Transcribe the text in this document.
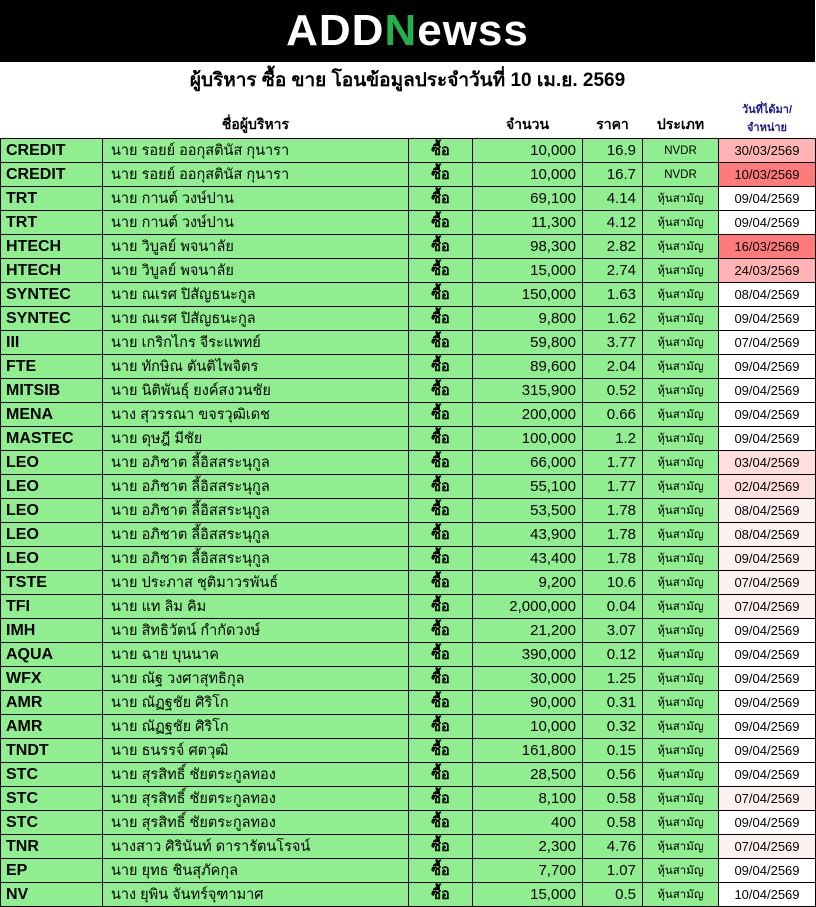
ADDNewss
ผู้บริหาร ซื้อ ขาย โอนข้อมูลประจำวันที่ 10 เม.ย. 2569
	ชื่อผู้บริหาร		จำนวน	ราคา	ประเภท	วันที่ได้มา/จำหน่าย
CREDIT	นาย รอยย์ ออกุสตินัส กุนารา	ซื้อ	10,000	16.9	NVDR	30/03/2569
CREDIT	นาย รอยย์ ออกุสตินัส กุนารา	ซื้อ	10,000	16.7	NVDR	10/03/2569
TRT	นาย กานต์ วงษ์ปาน	ซื้อ	69,100	4.14	หุ้นสามัญ	09/04/2569
TRT	นาย กานต์ วงษ์ปาน	ซื้อ	11,300	4.12	หุ้นสามัญ	09/04/2569
HTECH	นาย วิบูลย์ พจนาลัย	ซื้อ	98,300	2.82	หุ้นสามัญ	16/03/2569
HTECH	นาย วิบูลย์ พจนาลัย	ซื้อ	15,000	2.74	หุ้นสามัญ	24/03/2569
SYNTEC	นาย ณเรศ ปิสัญธนะกูล	ซื้อ	150,000	1.63	หุ้นสามัญ	08/04/2569
SYNTEC	นาย ณเรศ ปิสัญธนะกูล	ซื้อ	9,800	1.62	หุ้นสามัญ	09/04/2569
III	นาย เกริกไกร จีระแพทย์	ซื้อ	59,800	3.77	หุ้นสามัญ	07/04/2569
FTE	นาย ทักษิณ ตันติไพจิตร	ซื้อ	89,600	2.04	หุ้นสามัญ	09/04/2569
MITSIB	นาย นิติพันธุ์ ยงค์สงวนชัย	ซื้อ	315,900	0.52	หุ้นสามัญ	09/04/2569
MENA	นาง สุวรรณา ขจรวุฒิเดช	ซื้อ	200,000	0.66	หุ้นสามัญ	09/04/2569
MASTEC	นาย ดุษฎี มีชัย	ซื้อ	100,000	1.2	หุ้นสามัญ	09/04/2569
LEO	นาย อภิชาต ลี้อิสสระนุกูล	ซื้อ	66,000	1.77	หุ้นสามัญ	03/04/2569
LEO	นาย อภิชาต ลี้อิสสระนุกูล	ซื้อ	55,100	1.77	หุ้นสามัญ	02/04/2569
LEO	นาย อภิชาต ลี้อิสสระนุกูล	ซื้อ	53,500	1.78	หุ้นสามัญ	08/04/2569
LEO	นาย อภิชาต ลี้อิสสระนุกูล	ซื้อ	43,900	1.78	หุ้นสามัญ	08/04/2569
LEO	นาย อภิชาต ลี้อิสสระนุกูล	ซื้อ	43,400	1.78	หุ้นสามัญ	09/04/2569
TSTE	นาย ประภาส ชุติมาวรพันธ์	ซื้อ	9,200	10.6	หุ้นสามัญ	07/04/2569
TFI	นาย แท ลิม คิม	ซื้อ	2,000,000	0.04	หุ้นสามัญ	07/04/2569
IMH	นาย สิทธิวัตน์ กำกัดวงษ์	ซื้อ	21,200	3.07	หุ้นสามัญ	09/04/2569
AQUA	นาย ฉาย บุนนาค	ซื้อ	390,000	0.12	หุ้นสามัญ	09/04/2569
WFX	นาย ณัฐ วงศาสุทธิกุล	ซื้อ	30,000	1.25	หุ้นสามัญ	09/04/2569
AMR	นาย ณัฏฐชัย ศิริโก	ซื้อ	90,000	0.31	หุ้นสามัญ	09/04/2569
AMR	นาย ณัฏฐชัย ศิริโก	ซื้อ	10,000	0.32	หุ้นสามัญ	09/04/2569
TNDT	นาย ธนรรจ์ ศตวุฒิ	ซื้อ	161,800	0.15	หุ้นสามัญ	09/04/2569
STC	นาย สุรสิทธิ์ ชัยตระกูลทอง	ซื้อ	28,500	0.56	หุ้นสามัญ	09/04/2569
STC	นาย สุรสิทธิ์ ชัยตระกูลทอง	ซื้อ	8,100	0.58	หุ้นสามัญ	07/04/2569
STC	นาย สุรสิทธิ์ ชัยตระกูลทอง	ซื้อ	400	0.58	หุ้นสามัญ	09/04/2569
TNR	นางสาว ศิรินันท์ ดารารัตนโรจน์	ซื้อ	2,300	4.76	หุ้นสามัญ	07/04/2569
EP	นาย ยุทธ ชินสุภัคกุล	ซื้อ	7,700	1.07	หุ้นสามัญ	09/04/2569
NV	นาง ยุพิน จันทร์จุฑามาศ	ซื้อ	15,000	0.5	หุ้นสามัญ	10/04/2569
